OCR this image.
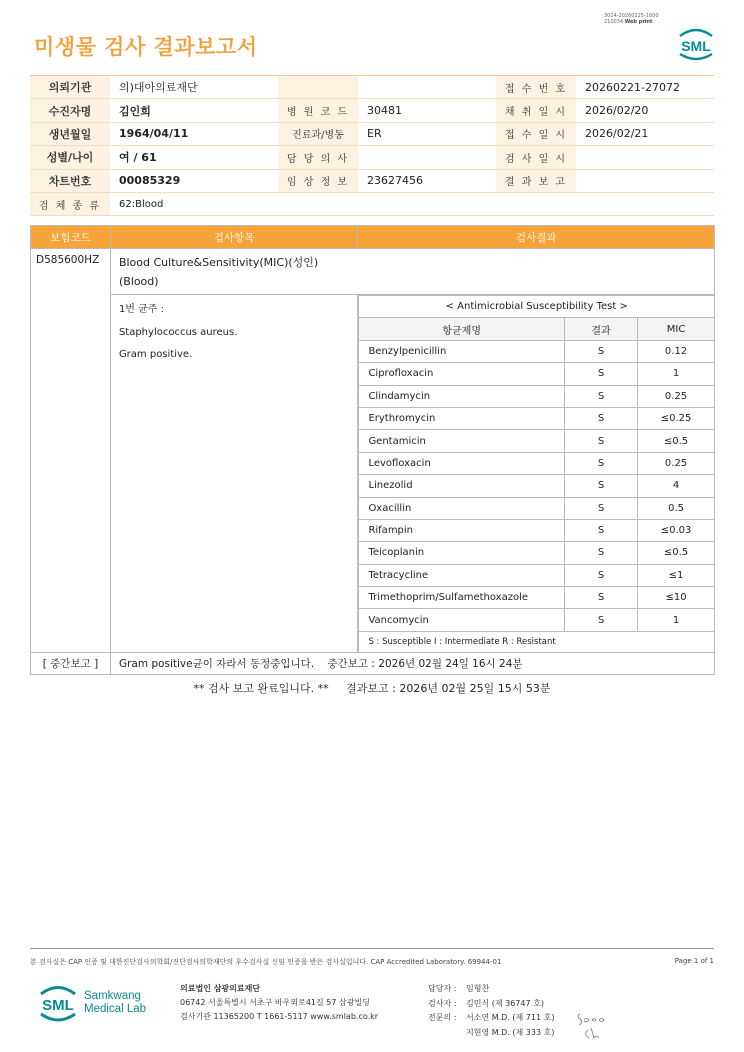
미생물 검사 결과보고서
3014-20260225-1600
210034 Web print
SML
의뢰기관	의)대아의료재단	접 수 번 호	20260221-27072
수진자명	김인희	병 원 코 드	30481	채 취 일 시	2026/02/20
생년월일	1964/04/11	진료과/병동	ER	접 수 일 시	2026/02/21
성별/나이	여 / 61	담 당 의 사	검 사 일 시
차트번호	00085329	임 상 정 보	23627456	결 과 보 고
검 체 종 류	62:Blood
보험코드	검사항목	검사결과
D585600HZ	Blood Culture&Sensitivity(MIC)(성인)
(Blood)

1번 균주 :
Staphylococcus aureus.
Gram positive.

< Antimicrobial Susceptibility Test >
항균제명	결과	MIC
Benzylpenicillin	S	0.12
Ciprofloxacin	S	1
Clindamycin	S	0.25
Erythromycin	S	≤0.25
Gentamicin	S	≤0.5
Levofloxacin	S	0.25
Linezolid	S	4
Oxacillin	S	0.5
Rifampin	S	≤0.03
Teicoplanin	S	≤0.5
Tetracycline	S	≤1
Trimethoprim/Sulfamethoxazole	S	≤10
Vancomycin	S	1
S : Susceptible I : Intermediate R : Resistant

[ 중간보고 ]	Gram positive균이 자라서 동정중입니다.    중간보고 : 2026년 02월 24일 16시 24분
** 검사 보고 완료입니다. **     결과보고 : 2026년 02월 25일 15시 53분
본 검사실은 CAP 인증 및 대한진단검사의학회/진단검사의학재단의 우수검사실 신임 인증을 받은 검사실입니다. CAP Accredited Laboratory. 69944-01	Page 1 of 1
SML
Samkwang
Medical Lab
의료법인 삼광의료재단
06742 서울특별시 서초구 바우뫼로41길 57 삼광빌딩
검사기관 11365200 T 1661-5117 www.smlab.co.kr
담당자 : 임형찬
검사자 : 김민식 (제 36747 호)
전문의 : 서소연 M.D. (제 711 호)
지현영 M.D. (제 333 호)
